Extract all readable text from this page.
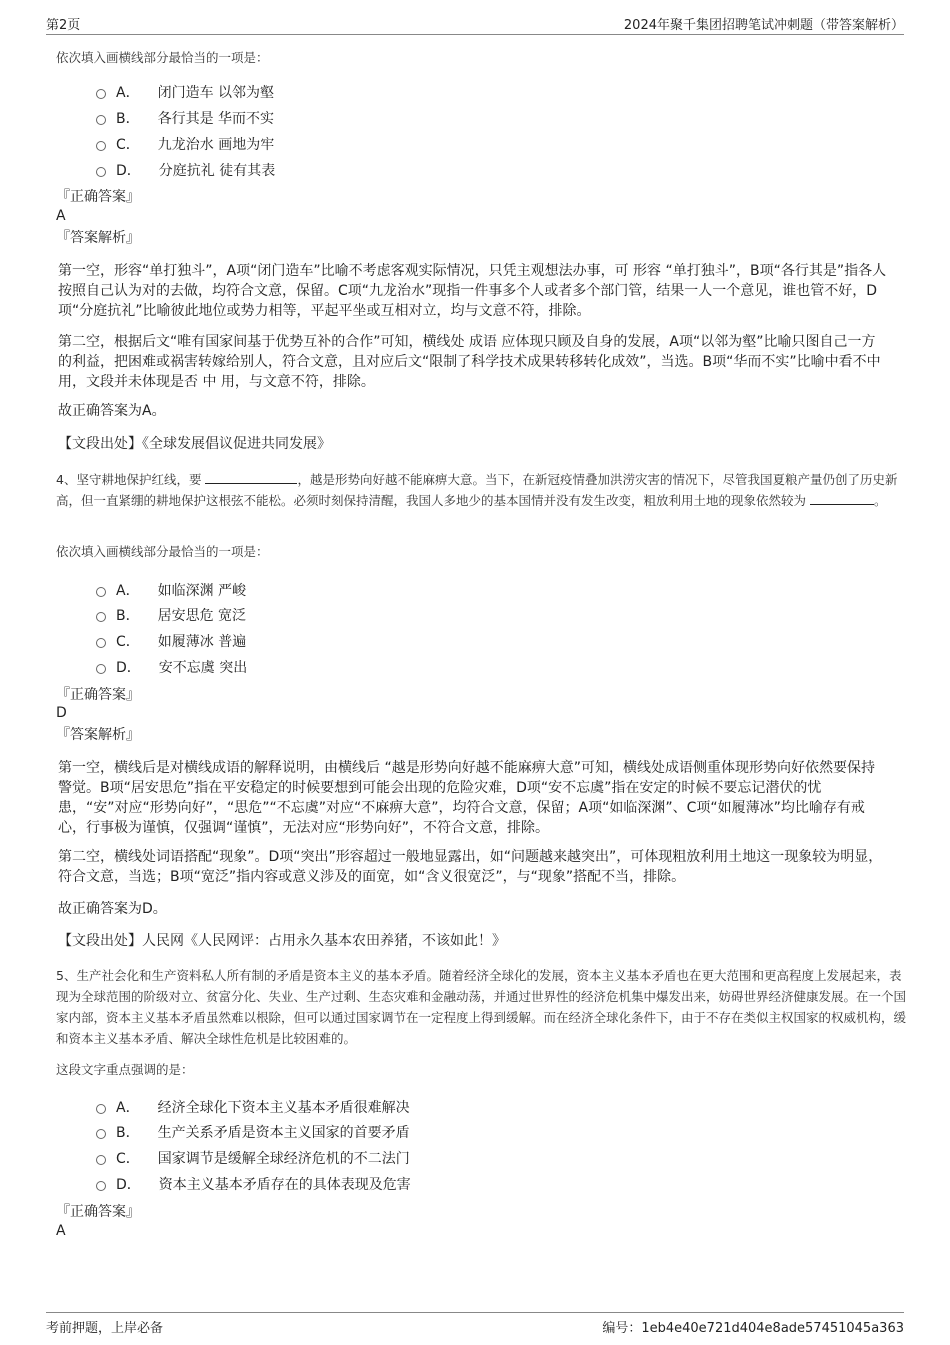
第2页	2024年聚千集团招聘笔试冲刺题（带答案解析）
依次填入画横线部分最恰当的一项是：
A． 闭门造车 以邻为壑
B． 各行其是 华而不实
C． 九龙治水 画地为牢
D． 分庭抗礼 徒有其表
『正确答案』
A
『答案解析』
第一空，形容“单打独斗”，A项“闭门造车”比喻不考虑客观实际情况，只凭主观想法办事，可 形容 “单打独斗”，B项“各行其是”指各人按照自己认为对的去做，均符合文意，保留。C项“九龙治水”现指一件事多个人或者多个部门管，结果一人一个意见，谁也管不好，D项“分庭抗礼”比喻彼此地位或势力相等，平起平坐或互相对立，均与文意不符，排除。
第二空，根据后文“唯有国家间基于优势互补的合作”可知，横线处 成语 应体现只顾及自身的发展，A项“以邻为壑”比喻只图自己一方的利益，把困难或祸害转嫁给别人，符合文意，且对应后文“限制了科学技术成果转移转化成效”，当选。B项“华而不实”比喻中看不中用，文段并未体现是否 中 用，与文意不符，排除。
故正确答案为A。
【文段出处】《全球发展倡议促进共同发展》
4、坚守耕地保护红线，要	，越是形势向好越不能麻痹大意。当下，在新冠疫情叠加洪涝灾害的情况下，尽管我国夏粮产量仍创了历史新高，但一直紧绷的耕地保护这根弦不能松。必须时刻保持清醒，我国人多地少的基本国情并没有发生改变，粗放利用土地的现象依然较为	。
依次填入画横线部分最恰当的一项是：
A． 如临深渊 严峻
B． 居安思危 宽泛
C． 如履薄冰 普遍
D． 安不忘虞 突出
『正确答案』
D
『答案解析』
第一空，横线后是对横线成语的解释说明，由横线后 “越是形势向好越不能麻痹大意”可知，横线处成语侧重体现形势向好依然要保持警觉。B项“居安思危”指在平安稳定的时候要想到可能会出现的危险灾难，D项“安不忘虞”指在安定的时候不要忘记潜伏的忧患，“安”对应“形势向好”，“思危”“不忘虞”对应“不麻痹大意”，均符合文意，保留；A项“如临深渊”、C项“如履薄冰”均比喻存有戒心，行事极为谨慎，仅强调“谨慎”，无法对应“形势向好”，不符合文意，排除。
第二空，横线处词语搭配“现象”。D项“突出”形容超过一般地显露出，如“问题越来越突出”，可体现粗放利用土地这一现象较为明显，符合文意，当选；B项“宽泛”指内容或意义涉及的面宽，如“含义很宽泛”，与“现象”搭配不当，排除。
故正确答案为D。
【文段出处】人民网《人民网评：占用永久基本农田养猪，不该如此！》
5、生产社会化和生产资料私人所有制的矛盾是资本主义的基本矛盾。随着经济全球化的发展，资本主义基本矛盾也在更大范围和更高程度上发展起来，表现为全球范围的阶级对立、贫富分化、失业、生产过剩、生态灾难和金融动荡，并通过世界性的经济危机集中爆发出来，妨碍世界经济健康发展。在一个国家内部，资本主义基本矛盾虽然难以根除，但可以通过国家调节在一定程度上得到缓解。而在经济全球化条件下，由于不存在类似主权国家的权威机构，缓和资本主义基本矛盾、解决全球性危机是比较困难的。
这段文字重点强调的是：
A． 经济全球化下资本主义基本矛盾很难解决
B． 生产关系矛盾是资本主义国家的首要矛盾
C． 国家调节是缓解全球经济危机的不二法门
D． 资本主义基本矛盾存在的具体表现及危害
『正确答案』
A
考前押题，上岸必备	编号：1eb4e40e721d404e8ade57451045a363
